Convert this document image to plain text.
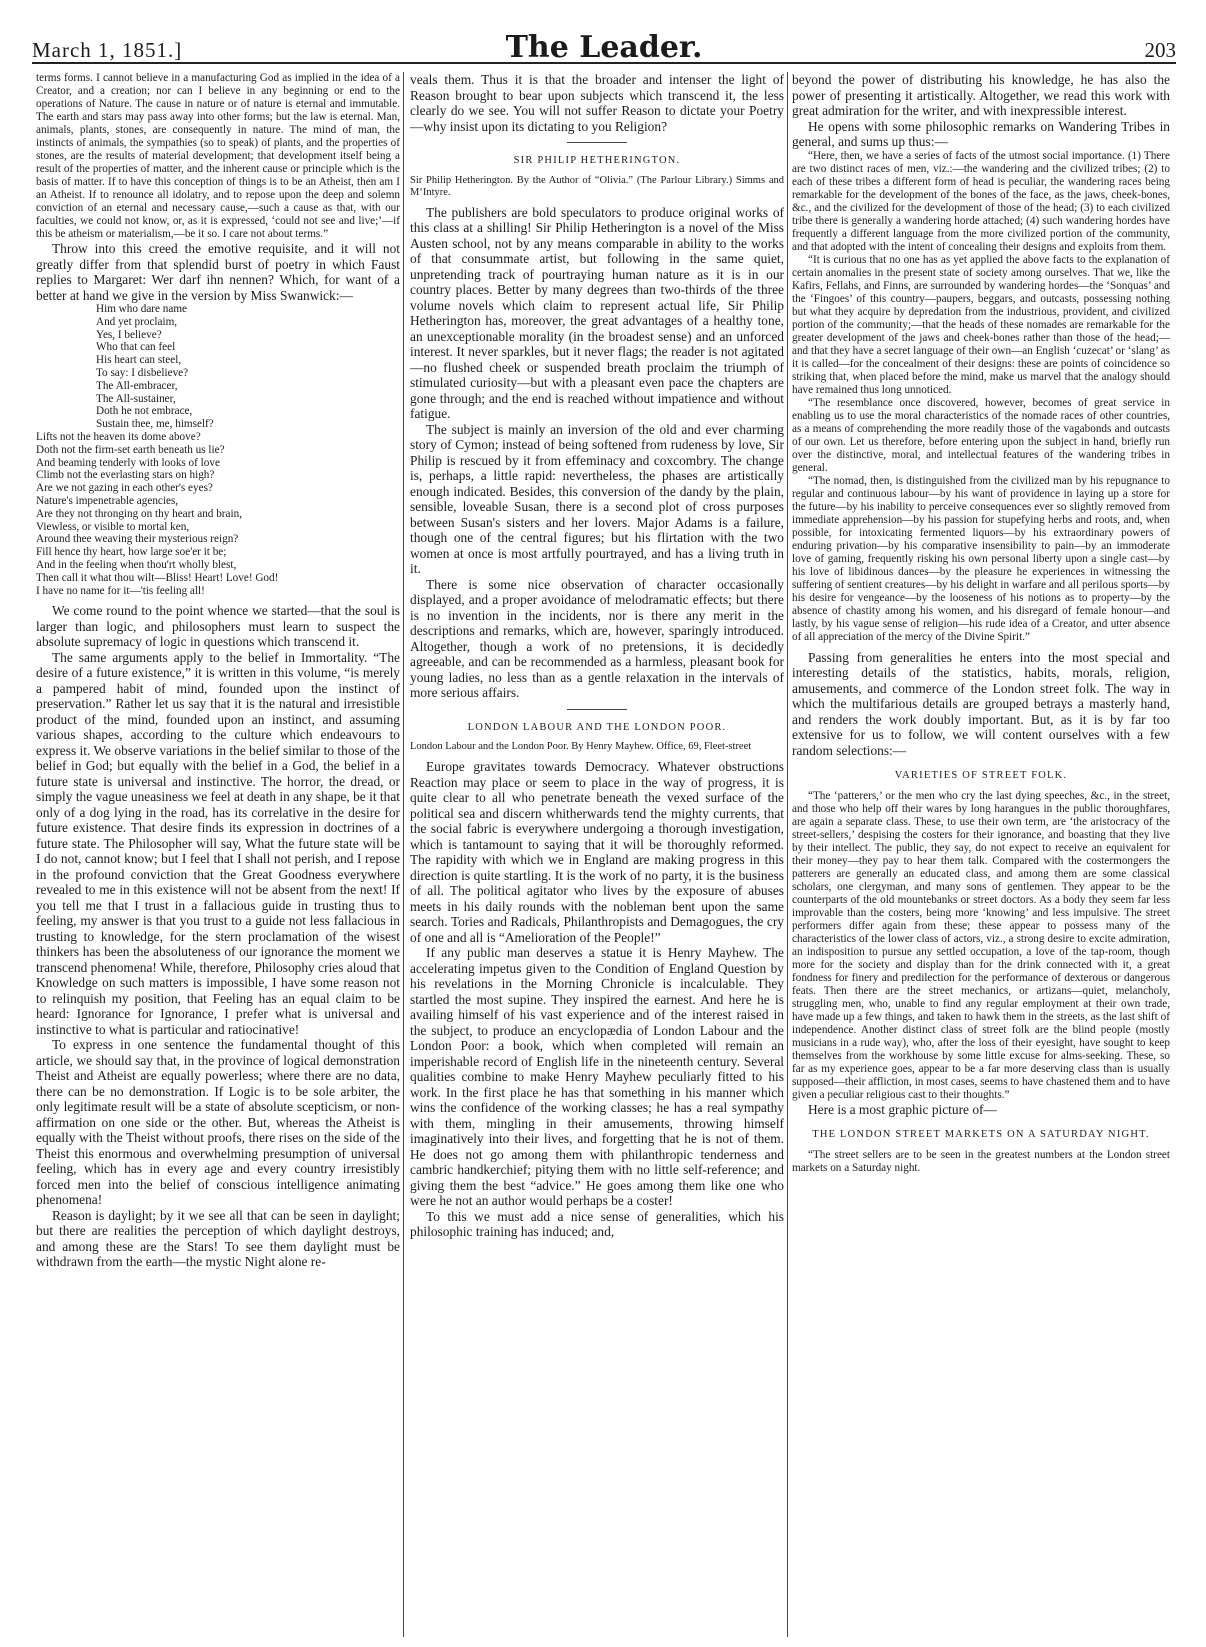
March 1, 1851.]	The Leader.	203

terms forms. I cannot believe in a manufacturing God as implied in the idea of a Creator, and a creation; nor can I believe in any beginning or end to the operations of Nature. The cause in nature or of nature is eternal and immutable. The earth and stars may pass away into other forms; but the law is eternal. Man, animals, plants, stones, are consequently in nature. The mind of man, the instincts of animals, the sympathies (so to speak) of plants, and the properties of stones, are the results of material development; that development itself being a result of the properties of matter, and the inherent cause or principle which is the basis of matter. If to have this conception of things is to be an Atheist, then am I an Atheist. If to renounce all idolatry, and to repose upon the deep and solemn conviction of an eternal and necessary cause,—such a cause as that, with our faculties, we could not know, or, as it is expressed, ‘could not see and live;’—if this be atheism or materialism,—be it so. I care not about terms.”

Throw into this creed the emotive requisite, and it will not greatly differ from that splendid burst of poetry in which Faust replies to Margaret: Wer darf ihn nennen? Which, for want of a better at hand we give in the version by Miss Swanwick:—

Him who dare name
And yet proclaim,
Yes, I believe?
Who that can feel
His heart can steel,
To say: I disbelieve?
The All-embracer,
The All-sustainer,
Doth he not embrace,
Sustain thee, me, himself?
Lifts not the heaven its dome above?
Doth not the firm-set earth beneath us lie?
And beaming tenderly with looks of love
Climb not the everlasting stars on high?
Are we not gazing in each other's eyes?
Nature's impenetrable agencies,
Are they not thronging on thy heart and brain,
Viewless, or visible to mortal ken,
Around thee weaving their mysterious reign?
Fill hence thy heart, how large soe'er it be;
And in the feeling when thou'rt wholly blest,
Then call it what thou wilt—Bliss! Heart! Love! God!
I have no name for it—'tis feeling all!

We come round to the point whence we started—that the soul is larger than logic, and philosophers must learn to suspect the absolute supremacy of logic in questions which transcend it.

The same arguments apply to the belief in Immortality. “The desire of a future existence,” it is written in this volume, “is merely a pampered habit of mind, founded upon the instinct of preservation.” Rather let us say that it is the natural and irresistible product of the mind, founded upon an instinct, and assuming various shapes, according to the culture which endeavours to express it. We observe variations in the belief similar to those of the belief in God; but equally with the belief in a God, the belief in a future state is universal and instinctive. The horror, the dread, or simply the vague uneasiness we feel at death in any shape, be it that only of a dog lying in the road, has its correlative in the desire for future existence. That desire finds its expression in doctrines of a future state. The Philosopher will say, What the future state will be I do not, cannot know; but I feel that I shall not perish, and I repose in the profound conviction that the Great Goodness everywhere revealed to me in this existence will not be absent from the next! If you tell me that I trust in a fallacious guide in trusting thus to feeling, my answer is that you trust to a guide not less fallacious in trusting to knowledge, for the stern proclamation of the wisest thinkers has been the absoluteness of our ignorance the moment we transcend phenomena! While, therefore, Philosophy cries aloud that Knowledge on such matters is impossible, I have some reason not to relinquish my position, that Feeling has an equal claim to be heard: Ignorance for Ignorance, I prefer what is universal and instinctive to what is particular and ratiocinative!

To express in one sentence the fundamental thought of this article, we should say that, in the province of logical demonstration Theist and Atheist are equally powerless; where there are no data, there can be no demonstration. If Logic is to be sole arbiter, the only legitimate result will be a state of absolute scepticism, or non-affirmation on one side or the other. But, whereas the Atheist is equally with the Theist without proofs, there rises on the side of the Theist this enormous and overwhelming presumption of universal feeling, which has in every age and every country irresistibly forced men into the belief of conscious intelligence animating phenomena!

Reason is daylight; by it we see all that can be seen in daylight; but there are realities the perception of which daylight destroys, and among these are the Stars! To see them daylight must be withdrawn from the earth—the mystic Night alone re-

veals them. Thus it is that the broader and intenser the light of Reason brought to bear upon subjects which transcend it, the less clearly do we see. You will not suffer Reason to dictate your Poetry—why insist upon its dictating to you Religion?

SIR PHILIP HETHERINGTON.
Sir Philip Hetherington. By the Author of “Olivia.” (The Parlour Library.) Simms and M‘Intyre.

The publishers are bold speculators to produce original works of this class at a shilling! Sir Philip Hetherington is a novel of the Miss Austen school, not by any means comparable in ability to the works of that consummate artist, but following in the same quiet, unpretending track of pourtraying human nature as it is in our country places. Better by many degrees than two-thirds of the three volume novels which claim to represent actual life, Sir Philip Hetherington has, moreover, the great advantages of a healthy tone, an unexceptionable morality (in the broadest sense) and an unforced interest. It never sparkles, but it never flags; the reader is not agitated—no flushed cheek or suspended breath proclaim the triumph of stimulated curiosity—but with a pleasant even pace the chapters are gone through; and the end is reached without impatience and without fatigue.

The subject is mainly an inversion of the old and ever charming story of Cymon; instead of being softened from rudeness by love, Sir Philip is rescued by it from effeminacy and coxcombry. The change is, perhaps, a little rapid: nevertheless, the phases are artistically enough indicated. Besides, this conversion of the dandy by the plain, sensible, loveable Susan, there is a second plot of cross purposes between Susan's sisters and her lovers. Major Adams is a failure, though one of the central figures; but his flirtation with the two women at once is most artfully pourtrayed, and has a living truth in it.

There is some nice observation of character occasionally displayed, and a proper avoidance of melodramatic effects; but there is no invention in the incidents, nor is there any merit in the descriptions and remarks, which are, however, sparingly introduced. Altogether, though a work of no pretensions, it is decidedly agreeable, and can be recommended as a harmless, pleasant book for young ladies, no less than as a gentle relaxation in the intervals of more serious affairs.

LONDON LABOUR AND THE LONDON POOR.
London Labour and the London Poor. By Henry Mayhew. Office, 69, Fleet-street

Europe gravitates towards Democracy. Whatever obstructions Reaction may place or seem to place in the way of progress, it is quite clear to all who penetrate beneath the vexed surface of the political sea and discern whitherwards tend the mighty currents, that the social fabric is everywhere undergoing a thorough investigation, which is tantamount to saying that it will be thoroughly reformed. The rapidity with which we in England are making progress in this direction is quite startling. It is the work of no party, it is the business of all. The political agitator who lives by the exposure of abuses meets in his daily rounds with the nobleman bent upon the same search. Tories and Radicals, Philanthropists and Demagogues, the cry of one and all is “Amelioration of the People!”

If any public man deserves a statue it is Henry Mayhew. The accelerating impetus given to the Condition of England Question by his revelations in the Morning Chronicle is incalculable. They startled the most supine. They inspired the earnest. And here he is availing himself of his vast experience and of the interest raised in the subject, to produce an encyclopædia of London Labour and the London Poor: a book, which when completed will remain an imperishable record of English life in the nineteenth century. Several qualities combine to make Henry Mayhew peculiarly fitted to his work. In the first place he has that something in his manner which wins the confidence of the working classes; he has a real sympathy with them, mingling in their amusements, throwing himself imaginatively into their lives, and forgetting that he is not of them. He does not go among them with philanthropic tenderness and cambric handkerchief; pitying them with no little self-reference; and giving them the best “advice.” He goes among them like one who were he not an author would perhaps be a coster!

To this we must add a nice sense of generalities, which his philosophic training has induced; and,

beyond the power of distributing his knowledge, he has also the power of presenting it artistically. Altogether, we read this work with great admiration for the writer, and with inexpressible interest.

He opens with some philosophic remarks on Wandering Tribes in general, and sums up thus:—

“Here, then, we have a series of facts of the utmost social importance. (1) There are two distinct races of men, viz.:—the wandering and the civilized tribes; (2) to each of these tribes a different form of head is peculiar, the wandering races being remarkable for the development of the bones of the face, as the jaws, cheek-bones, &c., and the civilized for the development of those of the head; (3) to each civilized tribe there is generally a wandering horde attached; (4) such wandering hordes have frequently a different language from the more civilized portion of the community, and that adopted with the intent of concealing their designs and exploits from them.

“It is curious that no one has as yet applied the above facts to the explanation of certain anomalies in the present state of society among ourselves. That we, like the Kafirs, Fellahs, and Finns, are surrounded by wandering hordes—the ‘Sonquas’ and the ‘Fingoes’ of this country—paupers, beggars, and outcasts, possessing nothing but what they acquire by depredation from the industrious, provident, and civilized portion of the community;—that the heads of these nomades are remarkable for the greater development of the jaws and cheek-bones rather than those of the head;—and that they have a secret language of their own—an English ‘cuzecat’ or ‘slang’ as it is called—for the concealment of their designs: these are points of coincidence so striking that, when placed before the mind, make us marvel that the analogy should have remained thus long unnoticed.

“The resemblance once discovered, however, becomes of great service in enabling us to use the moral characteristics of the nomade races of other countries, as a means of comprehending the more readily those of the vagabonds and outcasts of our own. Let us therefore, before entering upon the subject in hand, briefly run over the distinctive, moral, and intellectual features of the wandering tribes in general.

“The nomad, then, is distinguished from the civilized man by his repugnance to regular and continuous labour—by his want of providence in laying up a store for the future—by his inability to perceive consequences ever so slightly removed from immediate apprehension—by his passion for stupefying herbs and roots, and, when possible, for intoxicating fermented liquors—by his extraordinary powers of enduring privation—by his comparative insensibility to pain—by an immoderate love of gaming, frequently risking his own personal liberty upon a single cast—by his love of libidinous dances—by the pleasure he experiences in witnessing the suffering of sentient creatures—by his delight in warfare and all perilous sports—by his desire for vengeance—by the looseness of his notions as to property—by the absence of chastity among his women, and his disregard of female honour—and lastly, by his vague sense of religion—his rude idea of a Creator, and utter absence of all appreciation of the mercy of the Divine Spirit.”

Passing from generalities he enters into the most special and interesting details of the statistics, habits, morals, religion, amusements, and commerce of the London street folk. The way in which the multifarious details are grouped betrays a masterly hand, and renders the work doubly important. But, as it is by far too extensive for us to follow, we will content ourselves with a few random selections:—

VARIETIES OF STREET FOLK.

“The ‘patterers,’ or the men who cry the last dying speeches, &c., in the street, and those who help off their wares by long harangues in the public thoroughfares, are again a separate class. These, to use their own term, are ‘the aristocracy of the street-sellers,’ despising the costers for their ignorance, and boasting that they live by their intellect. The public, they say, do not expect to receive an equivalent for their money—they pay to hear them talk. Compared with the costermongers the patterers are generally an educated class, and among them are some classical scholars, one clergyman, and many sons of gentlemen. They appear to be the counterparts of the old mountebanks or street doctors. As a body they seem far less improvable than the costers, being more ‘knowing’ and less impulsive. The street performers differ again from these; these appear to possess many of the characteristics of the lower class of actors, viz., a strong desire to excite admiration, an indisposition to pursue any settled occupation, a love of the tap-room, though more for the society and display than for the drink connected with it, a great fondness for finery and predilection for the performance of dexterous or dangerous feats. Then there are the street mechanics, or artizans—quiet, melancholy, struggling men, who, unable to find any regular employment at their own trade, have made up a few things, and taken to hawk them in the streets, as the last shift of independence. Another distinct class of street folk are the blind people (mostly musicians in a rude way), who, after the loss of their eyesight, have sought to keep themselves from the workhouse by some little excuse for alms-seeking. These, so far as my experience goes, appear to be a far more deserving class than is usually supposed—their affliction, in most cases, seems to have chastened them and to have given a peculiar religious cast to their thoughts.”

Here is a most graphic picture of—

THE LONDON STREET MARKETS ON A SATURDAY NIGHT.

“The street sellers are to be seen in the greatest numbers at the London street markets on a Saturday night.
